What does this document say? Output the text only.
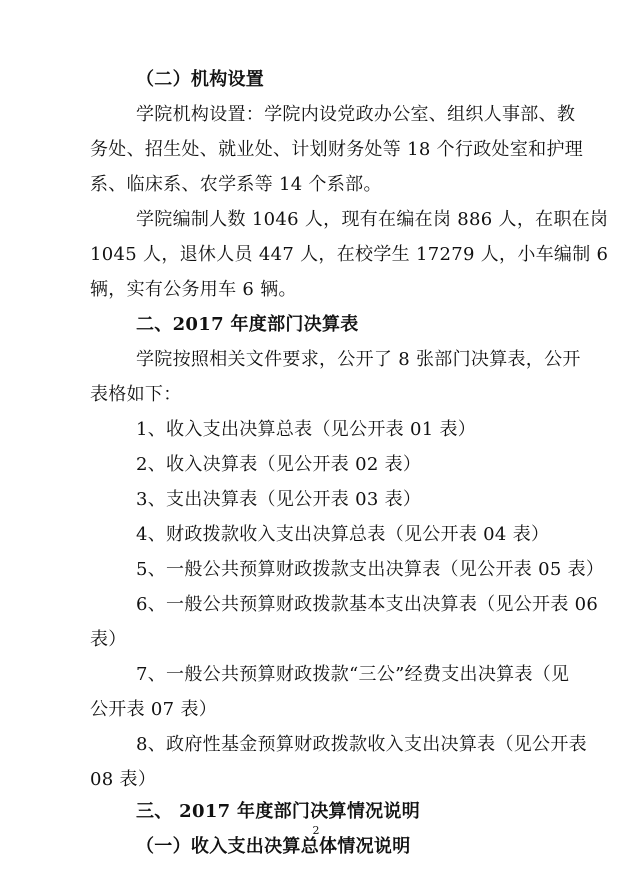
（二）机构设置
学院机构设置：学院内设党政办公室、组织人事部、教
务处、招生处、就业处、计划财务处等 18 个行政处室和护理
系、临床系、农学系等 14 个系部。
学院编制人数 1046 人，现有在编在岗 886 人，在职在岗
1045 人，退休人员 447 人，在校学生 17279 人，小车编制 6
辆，实有公务用车 6 辆。
二、2017 年度部门决算表
学院按照相关文件要求，公开了 8 张部门决算表，公开
表格如下：
1、收入支出决算总表（见公开表 01 表）
2、收入决算表（见公开表 02 表）
3、支出决算表（见公开表 03 表）
4、财政拨款收入支出决算总表（见公开表 04 表）
5、一般公共预算财政拨款支出决算表（见公开表 05 表）
6、一般公共预算财政拨款基本支出决算表（见公开表 06
表）
7、一般公共预算财政拨款“三公”经费支出决算表（见
公开表 07 表）
8、政府性基金预算财政拨款收入支出决算表（见公开表
08 表）
三、 2017 年度部门决算情况说明
（一）收入支出决算总体情况说明
2
